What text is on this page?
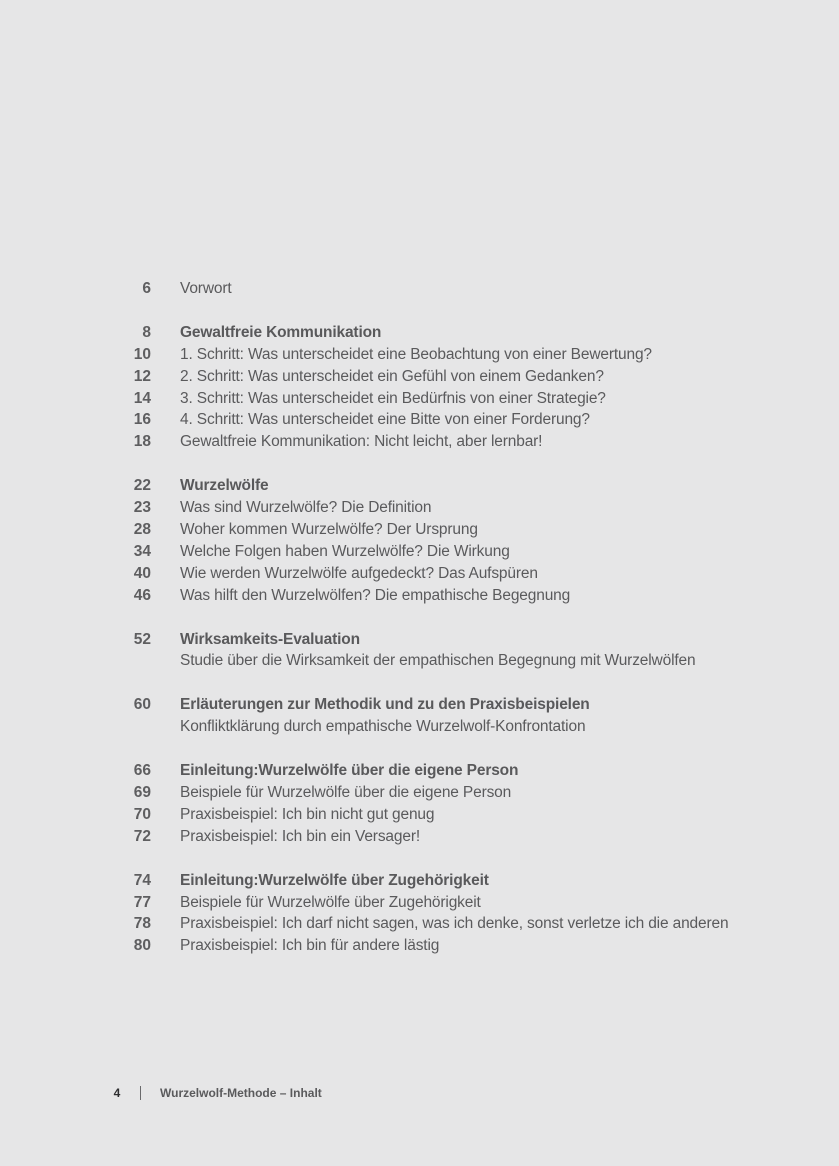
6 Vorwort
8 Gewaltfreie Kommunikation
10 1. Schritt: Was unterscheidet eine Beobachtung von einer Bewertung?
12 2. Schritt: Was unterscheidet ein Gefühl von einem Gedanken?
14 3. Schritt: Was unterscheidet ein Bedürfnis von einer Strategie?
16 4. Schritt: Was unterscheidet eine Bitte von einer Forderung?
18 Gewaltfreie Kommunikation: Nicht leicht, aber lernbar!
22 Wurzelwölfe
23 Was sind Wurzelwölfe? Die Definition
28 Woher kommen Wurzelwölfe? Der Ursprung
34 Welche Folgen haben Wurzelwölfe? Die Wirkung
40 Wie werden Wurzelwölfe aufgedeckt? Das Aufspüren
46 Was hilft den Wurzelwölfen? Die empathische Begegnung
52 Wirksamkeits-Evaluation
Studie über die Wirksamkeit der empathischen Begegnung mit Wurzelwölfen
60 Erläuterungen zur Methodik und zu den Praxisbeispielen
Konfliktklärung durch empathische Wurzelwolf-Konfrontation
66 Einleitung:Wurzelwölfe über die eigene Person
69 Beispiele für Wurzelwölfe über die eigene Person
70 Praxisbeispiel: Ich bin nicht gut genug
72 Praxisbeispiel: Ich bin ein Versager!
74 Einleitung:Wurzelwölfe über Zugehörigkeit
77 Beispiele für Wurzelwölfe über Zugehörigkeit
78 Praxisbeispiel: Ich darf nicht sagen, was ich denke, sonst verletze ich die anderen
80 Praxisbeispiel: Ich bin für andere lästig
4	Wurzelwolf-Methode – Inhalt
